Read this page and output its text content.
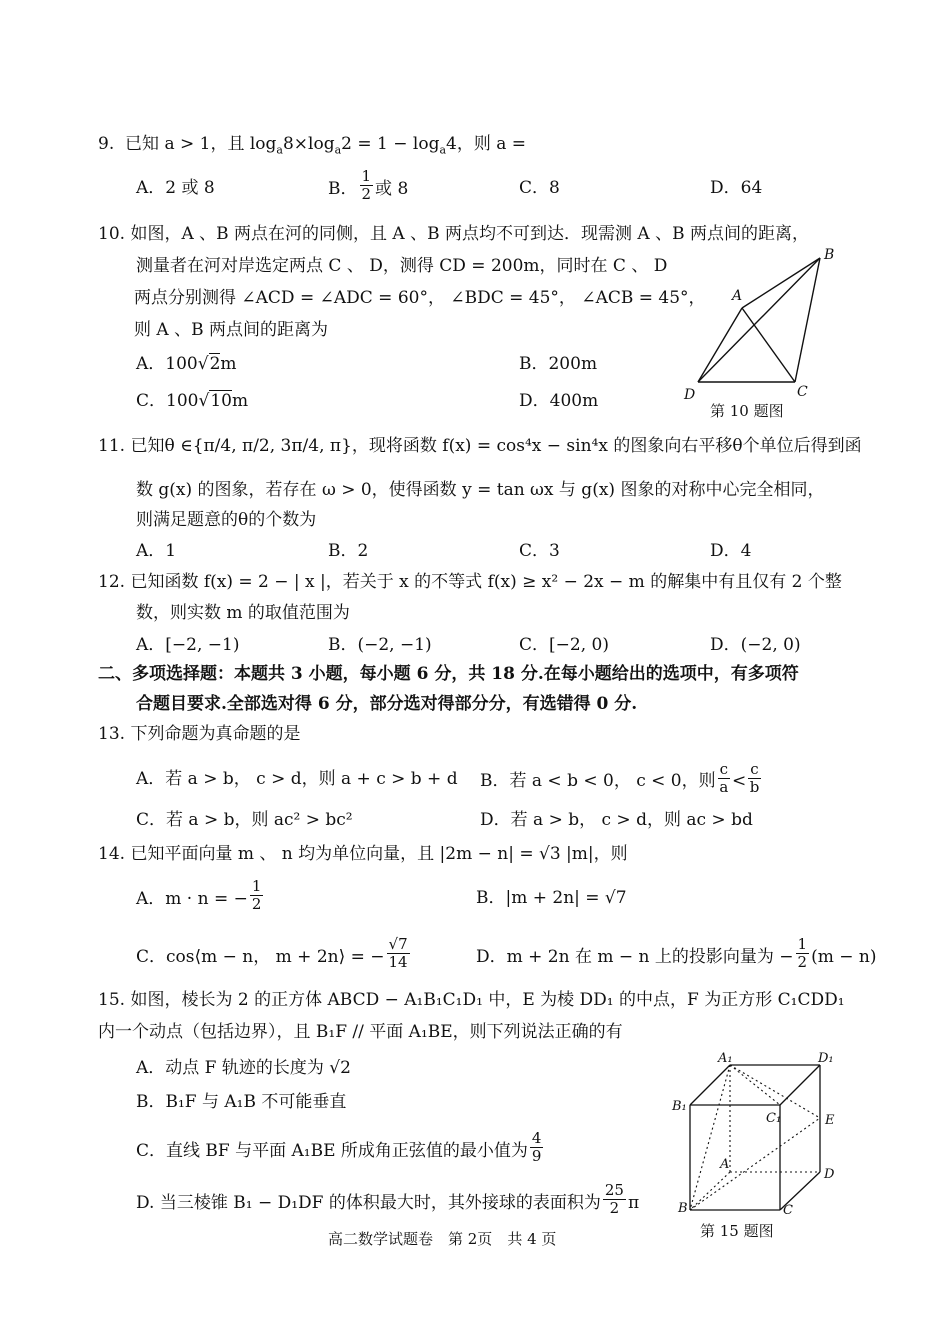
9. 已知 a > 1，且 $\log_a8\times\log_a2 = 1 - \log_a4$，则 a =
A．2 或 8	B． $\frac{1}{2}$ 或 8	C．8	D．64
10. 如图，A 、B 两点在河的同侧，且 A 、B 两点均不可到达．现需测 A 、B 两点间的距离，
测量者在河对岸选定两点 C 、 D，测得 CD = 200m，同时在 C 、 D
两点分别测得 ∠ACD = ∠ADC = 60°， ∠BDC = 45°， ∠ACB = 45°，
则 A 、B 两点间的距离为
A．100√2m	B．200m
C．100√10m	D．400m
B
A
D	C
第 10 题图
11. 已知θ ∈{π/4, π/2, 3π/4, π}，现将函数 f(x) = cos⁴x − sin⁴x 的图象向右平移θ个单位后得到函
数 g(x) 的图象，若存在 ω > 0，使得函数 y = tan ωx 与 g(x) 图象的对称中心完全相同，
则满足题意的θ的个数为
A．1	B．2	C．3	D．4
12. 已知函数 f(x) = 2 − | x |，若关于 x 的不等式 f(x) ≥ x² − 2x − m 的解集中有且仅有 2 个整
数，则实数 m 的取值范围为
A．[−2, −1)	B．(−2, −1)	C．[−2, 0)	D．(−2, 0)
二、多项选择题：本题共 3 小题，每小题 6 分，共 18 分.在每小题给出的选项中，有多项符
合题目要求.全部选对得 6 分，部分选对得部分分，有选错得 0 分.
13. 下列命题为真命题的是
A．若 a > b， c > d，则 a + c > b + d B．若 a < b < 0， c < 0，则 $\frac{c}{a} < \frac{c}{b}$
C．若 a > b，则 ac² > bc²	D．若 a > b， c > d，则 ac > bd
14. 已知平面向量 m 、 n 均为单位向量，且 |2m − n| = √3 |m|，则
A．m · n = − $\frac{1}{2}$	B．|m + 2n| = √7
C．cos⟨m − n， m + 2n⟩ = − $\frac{√7}{14}$	D．m + 2n 在 m − n 上的投影向量为 − $\frac{1}{2} (m - n)$
15. 如图，棱长为 2 的正方体 ABCD − A₁B₁C₁D₁ 中，E 为棱 DD₁ 的中点，F 为正方形 C₁CDD₁
内一个动点（包括边界），且 B₁F // 平面 A₁BE，则下列说法正确的有
A．动点 F 轨迹的长度为 √2
B．B₁F 与 A₁B 不可能垂直
C．直线 BF 与平面 A₁BE 所成角正弦值的最小值为 $\frac{4}{9}$
D. 当三棱锥 B₁ − D₁DF 的体积最大时，其外接球的表面积为 $\frac{25}{2}$ π
A₁	D₁
B₁
C₁	E
A
D
B	C
第 15 题图
高二数学试题卷　第 2页　共 4 页
